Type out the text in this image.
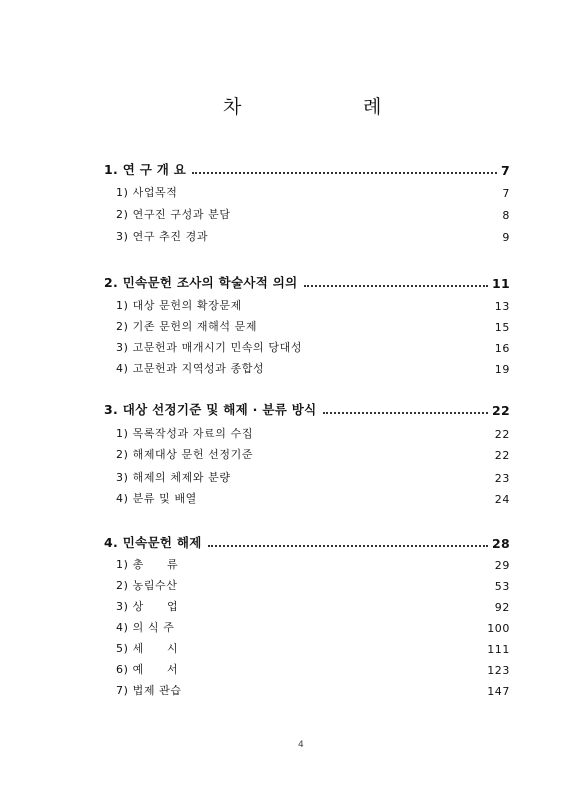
차	례
1. 연 구 개 요	7
1) 사업목적	7
2) 연구진 구성과 분담	8
3) 연구 추진 경과	9
2. 민속문헌 조사의 학술사적 의의	11
1) 대상 문헌의 확장문제	13
2) 기존 문헌의 재해석 문제	15
3) 고문헌과 매개시기 민속의 당대성	16
4) 고문헌과 지역성과 종합성	19
3. 대상 선정기준 및 해제 · 분류 방식	22
1) 목록작성과 자료의 수집	22
2) 해제대상 문헌 선정기준	22
3) 해제의 체제와 분량	23
4) 분류 및 배열	24
4. 민속문헌 해제	28
1) 총　　류	29
2) 농림수산	53
3) 상　　업	92
4) 의 식 주	100
5) 세　　시	111
6) 예　　서	123
7) 법제 관습	147
4
